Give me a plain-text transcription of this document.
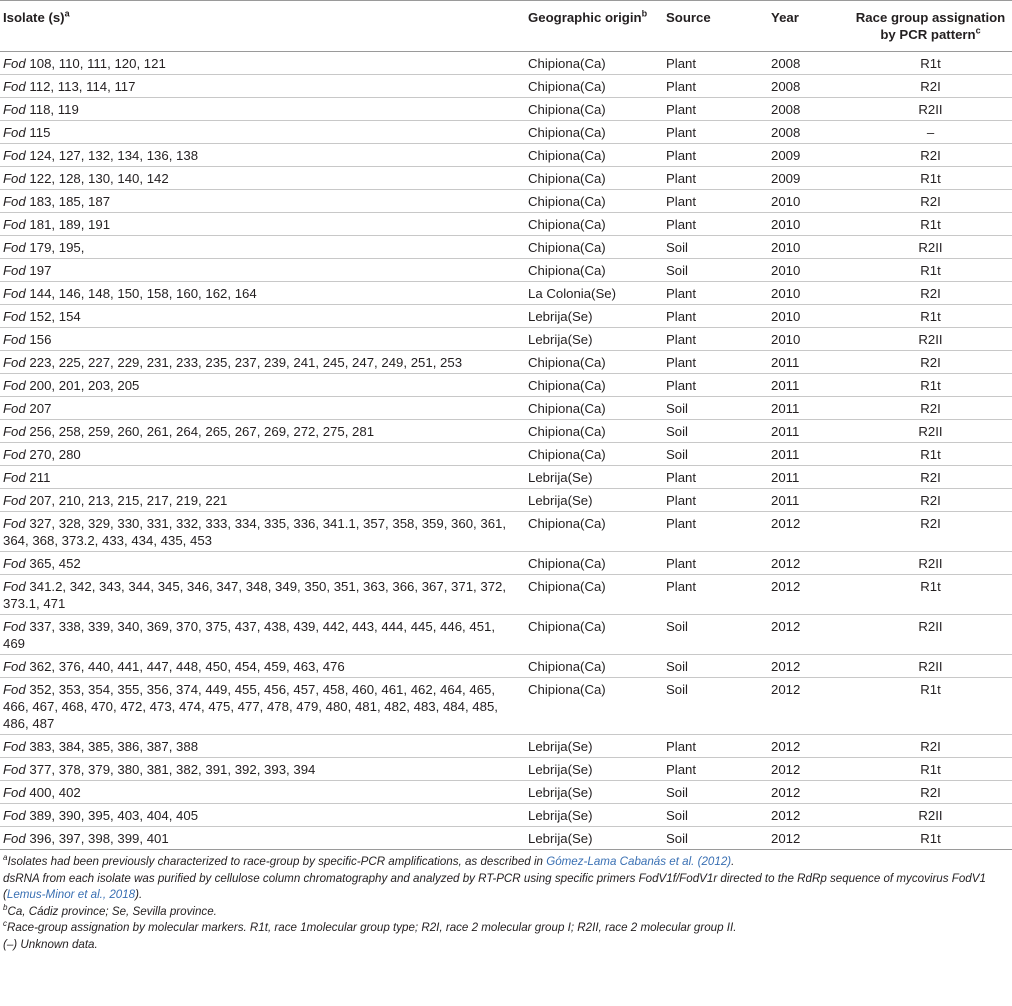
Isolate $(s)^a$	Geographic origin$^b$	Source	Year	Race group assignation by PCR pattern$^c$
Fod 108, 110, 111, 120, 121	Chipiona(Ca)	Plant	2008	R1t
Fod 112, 113, 114, 117	Chipiona(Ca)	Plant	2008	R2I
Fod 118, 119	Chipiona(Ca)	Plant	2008	R2II
Fod 115	Chipiona(Ca)	Plant	2008	–
Fod 124, 127, 132, 134, 136, 138	Chipiona(Ca)	Plant	2009	R2I
Fod 122, 128, 130, 140, 142	Chipiona(Ca)	Plant	2009	R1t
Fod 183, 185, 187	Chipiona(Ca)	Plant	2010	R2I
Fod 181, 189, 191	Chipiona(Ca)	Plant	2010	R1t
Fod 179, 195,	Chipiona(Ca)	Soil	2010	R2II
Fod 197	Chipiona(Ca)	Soil	2010	R1t
Fod 144, 146, 148, 150, 158, 160, 162, 164	La Colonia(Se)	Plant	2010	R2I
Fod 152, 154	Lebrija(Se)	Plant	2010	R1t
Fod 156	Lebrija(Se)	Plant	2010	R2II
Fod 223, 225, 227, 229, 231, 233, 235, 237, 239, 241, 245, 247, 249, 251, 253	Chipiona(Ca)	Plant	2011	R2I
Fod 200, 201, 203, 205	Chipiona(Ca)	Plant	2011	R1t
Fod 207	Chipiona(Ca)	Soil	2011	R2I
Fod 256, 258, 259, 260, 261, 264, 265, 267, 269, 272, 275, 281	Chipiona(Ca)	Soil	2011	R2II
Fod 270, 280	Chipiona(Ca)	Soil	2011	R1t
Fod 211	Lebrija(Se)	Plant	2011	R2I
Fod 207, 210, 213, 215, 217, 219, 221	Lebrija(Se)	Plant	2011	R2I
Fod 327, 328, 329, 330, 331, 332, 333, 334, 335, 336, 341.1, 357, 358, 359, 360, 361, 364, 368, 373.2, 433, 434, 435, 453	Chipiona(Ca)	Plant	2012	R2I
Fod 365, 452	Chipiona(Ca)	Plant	2012	R2II
Fod 341.2, 342, 343, 344, 345, 346, 347, 348, 349, 350, 351, 363, 366, 367, 371, 372, 373.1, 471	Chipiona(Ca)	Plant	2012	R1t
Fod 337, 338, 339, 340, 369, 370, 375, 437, 438, 439, 442, 443, 444, 445, 446, 451, 469	Chipiona(Ca)	Soil	2012	R2II
Fod 362, 376, 440, 441, 447, 448, 450, 454, 459, 463, 476	Chipiona(Ca)	Soil	2012	R2II
Fod 352, 353, 354, 355, 356, 374, 449, 455, 456, 457, 458, 460, 461, 462, 464, 465, 466, 467, 468, 470, 472, 473, 474, 475, 477, 478, 479, 480, 481, 482, 483, 484, 485, 486, 487	Chipiona(Ca)	Soil	2012	R1t
Fod 383, 384, 385, 386, 387, 388	Lebrija(Se)	Plant	2012	R2I
Fod 377, 378, 379, 380, 381, 382, 391, 392, 393, 394	Lebrija(Se)	Plant	2012	R1t
Fod 400, 402	Lebrija(Se)	Soil	2012	R2I
Fod 389, 390, 395, 403, 404, 405	Lebrija(Se)	Soil	2012	R2II
Fod 396, 397, 398, 399, 401	Lebrija(Se)	Soil	2012	R1t

$^a$Isolates had been previously characterized to race-group by specific-PCR amplifications, as described in Gómez-Lama Cabanás et al. (2012).

dsRNA from each isolate was purified by cellulose column chromatography and analyzed by RT-PCR using specific primers FodV1f/FodV1r directed to the RdRp sequence of mycovirus FodV1 (Lemus-Minor et al., 2018).

$^b$Ca, Cádiz province; Se, Sevilla province.

$^c$Race-group assignation by molecular markers. R1t, race 1molecular group type; R2I, race 2 molecular group I; R2II, race 2 molecular group II.

(–) Unknown data.
